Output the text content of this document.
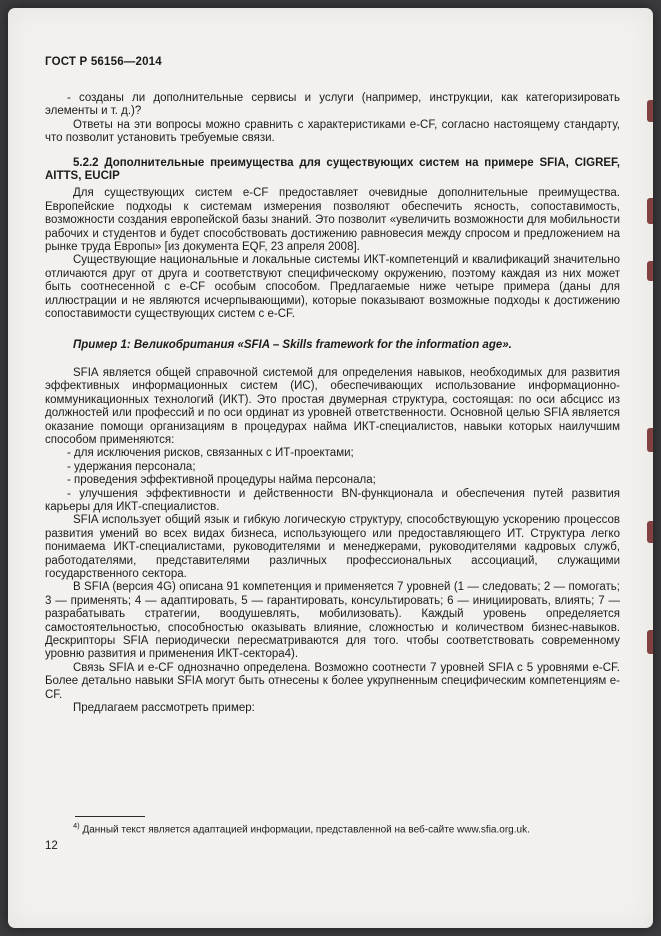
ГОСТ Р 56156—2014

- созданы ли дополнительные сервисы и услуги (например, инструкции, как категоризировать элементы и т. д.)?

Ответы на эти вопросы можно сравнить с характеристиками e-CF, согласно настоящему стандарту, что позволит установить требуемые связи.

5.2.2 Дополнительные преимущества для существующих систем на примере SFIA, CIGREF, AITTS, EUCIP

Для существующих систем e-CF предоставляет очевидные дополнительные преимущества. Европейские подходы к системам измерения позволяют обеспечить ясность, сопоставимость, возможности создания европейской базы знаний. Это позволит «увеличить возможности для мобильности рабочих и студентов и будет способствовать достижению равновесия между спросом и предложением на рынке труда Европы» [из документа EQF, 23 апреля 2008].

Существующие национальные и локальные системы ИКТ-компетенций и квалификаций значительно отличаются друг от друга и соответствуют специфическому окружению, поэтому каждая из них может быть соотнесенной с e-CF особым способом. Предлагаемые ниже четыре примера (даны для иллюстрации и не являются исчерпывающими), которые показывают возможные подходы к достижению сопоставимости существующих систем с e-CF.

Пример 1: Великобритания «SFIA – Skills framework for the information age».

SFIA является общей справочной системой для определения навыков, необходимых для развития эффективных информационных систем (ИС), обеспечивающих использование информационно-коммуникационных технологий (ИКТ). Это простая двумерная структура, состоящая: по оси абсцисс из должностей или профессий и по оси ординат из уровней ответственности. Основной целью SFIA является оказание помощи организациям в процедурах найма ИКТ-специалистов, навыки которых наилучшим способом применяются:

- для исключения рисков, связанных с ИТ-проектами;

- удержания персонала;

- проведения эффективной процедуры найма персонала;

- улучшения эффективности и действенности BN-функционала и обеспечения путей развития карьеры для ИКТ-специалистов.

SFIA использует общий язык и гибкую логическую структуру, способствующую ускорению процессов развития умений во всех видах бизнеса, использующего или предоставляющего ИТ. Структура легко понимаема ИКТ-специалистами, руководителями и менеджерами, руководителями кадровых служб, работодателями, представителями различных профессиональных ассоциаций, служащими государственного сектора.

В SFIA (версия 4G) описана 91 компетенция и применяется 7 уровней (1 — следовать; 2 — помогать; 3 — применять; 4 — адаптировать, 5 — гарантировать, консультировать; 6 — инициировать, влиять; 7 — разрабатывать стратегии, воодушевлять, мобилизовать). Каждый уровень определяется самостоятельностью, способностью оказывать влияние, сложностью и количеством бизнес-навыков. Дескрипторы SFIA периодически пересматриваются для того. чтобы соответствовать современному уровню развития и применения ИКТ-сектора4).

Связь SFIA и e-CF однозначно определена. Возможно соотнести 7 уровней SFIA с 5 уровнями e-CF. Более детально навыки SFIA могут быть отнесены к более укрупненным специфическим компетенциям e-CF.

Предлагаем рассмотреть пример:

$^{4)}$ Данный текст является адаптацией информации, представленной на веб-сайте www.sfia.org.uk.
12
